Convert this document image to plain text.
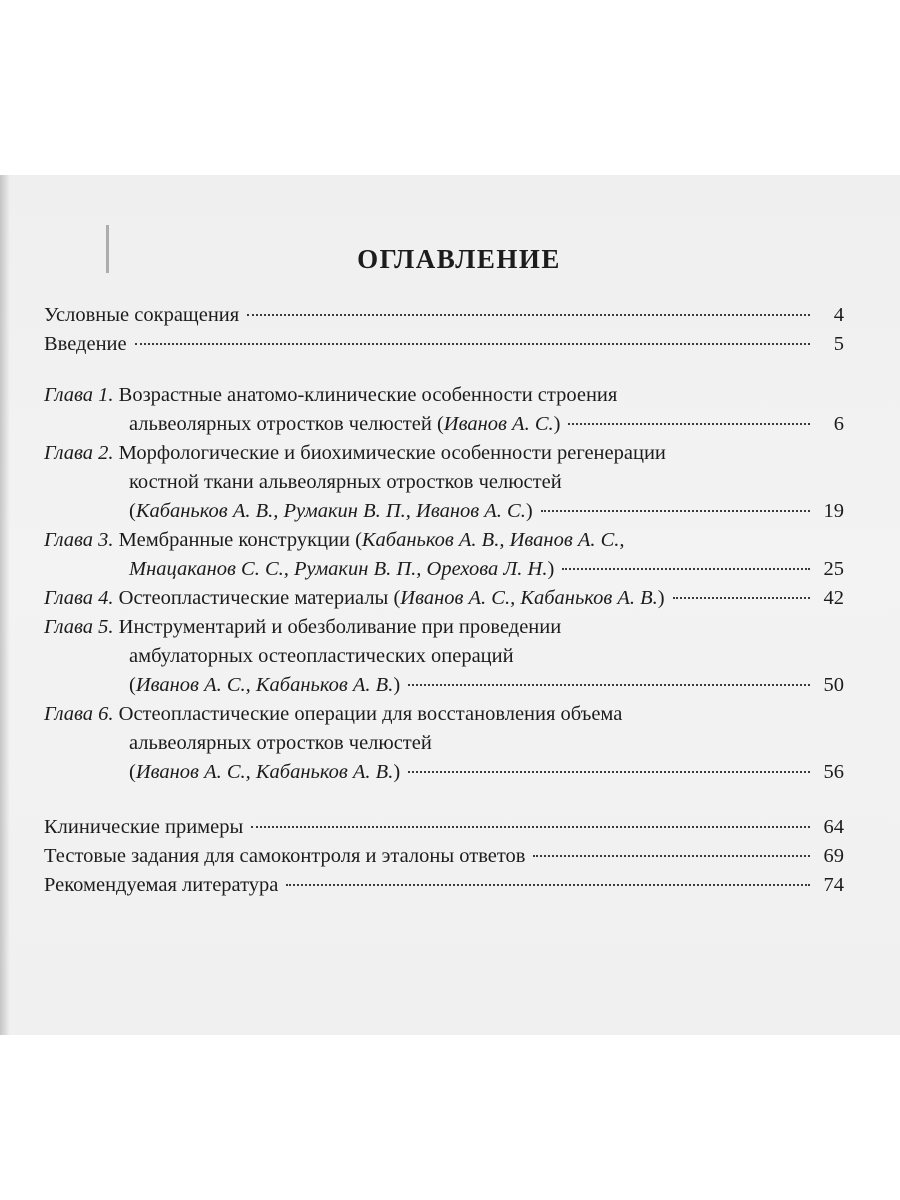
ОГЛАВЛЕНИЕ
Условные сокращения	4
Введение	5
Глава 1. Возрастные анатомо-клинические особенности строения
альвеолярных отростков челюстей (Иванов А. С.)	6
Глава 2. Морфологические и биохимические особенности регенерации
костной ткани альвеолярных отростков челюстей
(Кабаньков А. В., Румакин В. П., Иванов А. С.)	19
Глава 3. Мембранные конструкции (Кабаньков А. В., Иванов А. С.,
Мнацаканов С. С., Румакин В. П., Орехова Л. Н.)	25
Глава 4. Остеопластические материалы (Иванов А. С., Кабаньков А. В.)	42
Глава 5. Инструментарий и обезболивание при проведении
амбулаторных остеопластических операций
(Иванов А. С., Кабаньков А. В.)	50
Глава 6. Остеопластические операции для восстановления объема
альвеолярных отростков челюстей
(Иванов А. С., Кабаньков А. В.)	56
Клинические примеры	64
Тестовые задания для самоконтроля и эталоны ответов	69
Рекомендуемая литература	74
